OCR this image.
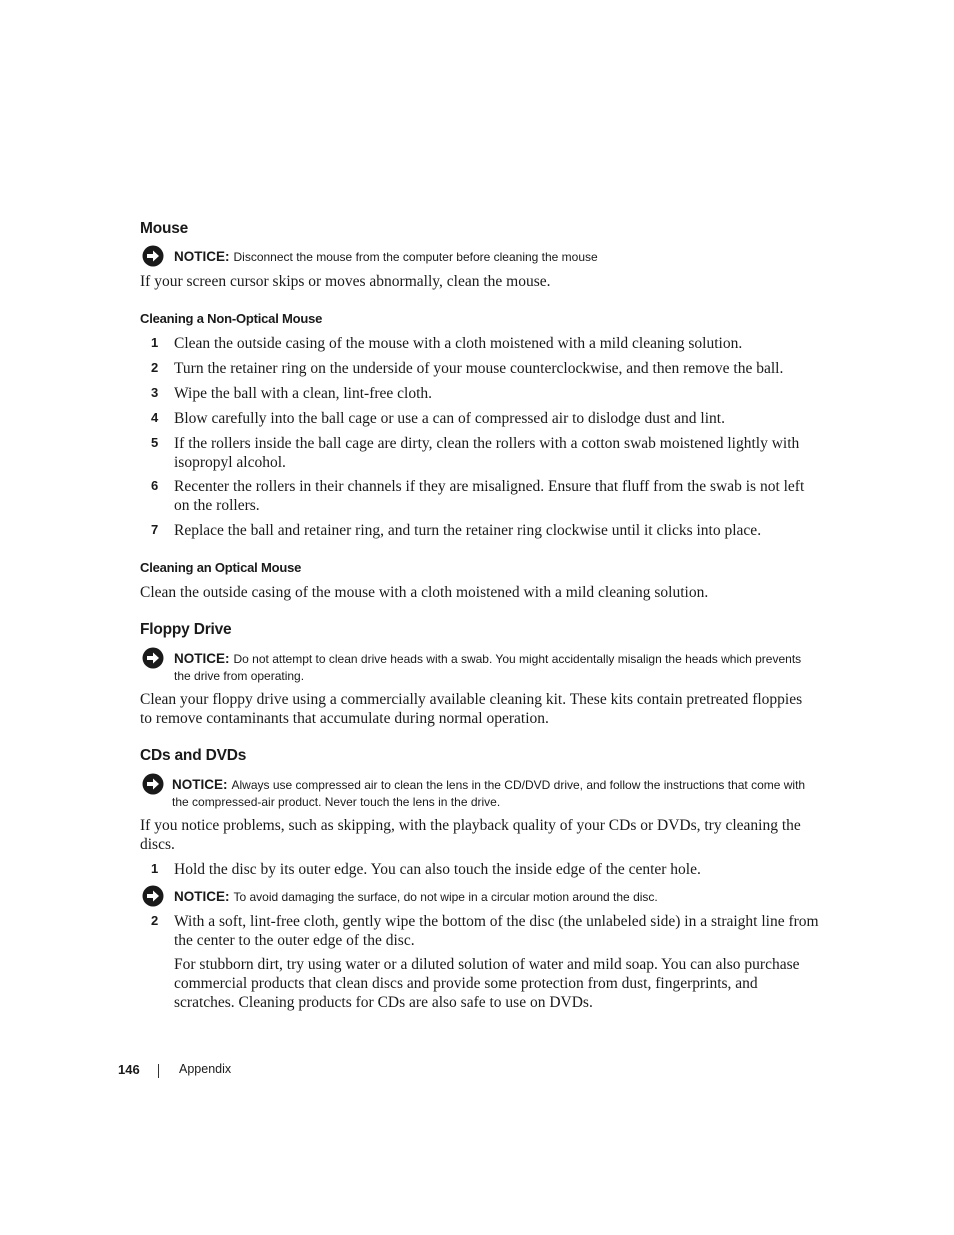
Mouse
NOTICE: Disconnect the mouse from the computer before cleaning the mouse

If your screen cursor skips or moves abnormally, clean the mouse.

Cleaning a Non-Optical Mouse
1 Clean the outside casing of the mouse with a cloth moistened with a mild cleaning solution.
2 Turn the retainer ring on the underside of your mouse counterclockwise, and then remove the ball.
3 Wipe the ball with a clean, lint-free cloth.
4 Blow carefully into the ball cage or use a can of compressed air to dislodge dust and lint.
5 If the rollers inside the ball cage are dirty, clean the rollers with a cotton swab moistened lightly with isopropyl alcohol.
6 Recenter the rollers in their channels if they are misaligned. Ensure that fluff from the swab is not left on the rollers.
7 Replace the ball and retainer ring, and turn the retainer ring clockwise until it clicks into place.
Cleaning an Optical Mouse

Clean the outside casing of the mouse with a cloth moistened with a mild cleaning solution.

Floppy Drive
NOTICE: Do not attempt to clean drive heads with a swab. You might accidentally misalign the heads which prevents the drive from operating.

Clean your floppy drive using a commercially available cleaning kit. These kits contain pretreated floppies to remove contaminants that accumulate during normal operation.

CDs and DVDs
NOTICE: Always use compressed air to clean the lens in the CD/DVD drive, and follow the instructions that come with the compressed-air product. Never touch the lens in the drive.

If you notice problems, such as skipping, with the playback quality of your CDs or DVDs, try cleaning the discs.

1 Hold the disc by its outer edge. You can also touch the inside edge of the center hole.
NOTICE: To avoid damaging the surface, do not wipe in a circular motion around the disc.
2 With a soft, lint-free cloth, gently wipe the bottom of the disc (the unlabeled side) in a straight line from the center to the outer edge of the disc.

For stubborn dirt, try using water or a diluted solution of water and mild soap. You can also purchase commercial products that clean discs and provide some protection from dust, fingerprints, and scratches. Cleaning products for CDs are also safe to use on DVDs.

146	Appendix
